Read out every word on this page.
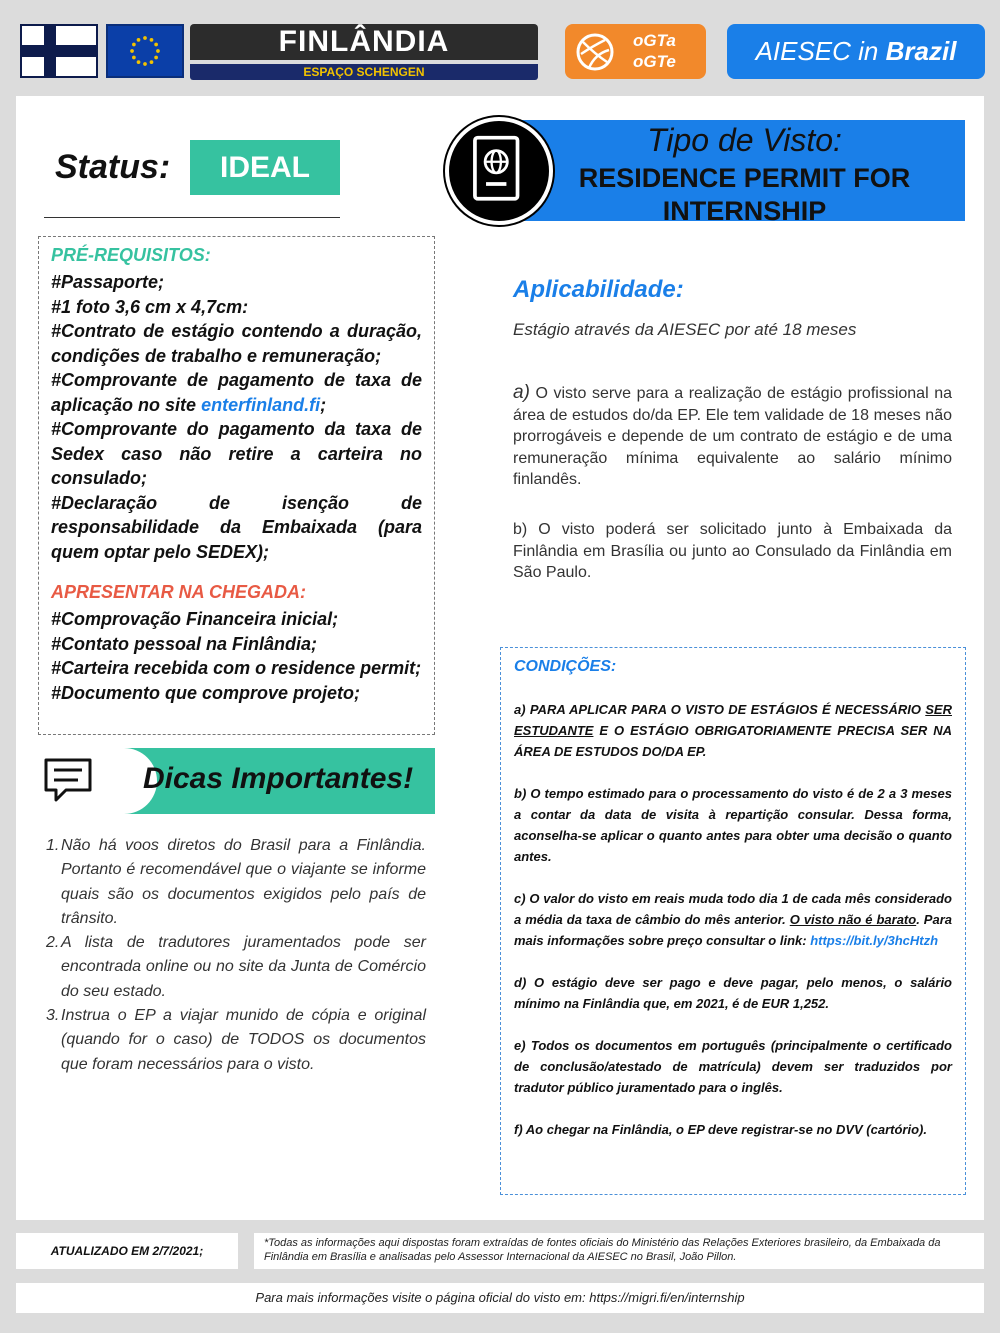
FINLÂNDIA
ESPAÇO SCHENGEN
oGTa
oGTe	AIESEC in Brazil
Status:	IDEAL
Tipo de Visto:
RESIDENCE PERMIT FOR INTERNSHIP
PRÉ-REQUISITOS:
#Passaporte;
#1 foto 3,6 cm x 4,7cm:
#Contrato de estágio contendo a duração, condições de trabalho e remuneração;
#Comprovante de pagamento de taxa de aplicação no site enterfinland.fi;
#Comprovante do pagamento da taxa de Sedex caso não retire a carteira no consulado;
#Declaração de isenção de responsabilidade da Embaixada (para quem optar pelo SEDEX);
APRESENTAR NA CHEGADA:
#Comprovação Financeira inicial;
#Contato pessoal na Finlândia;
#Carteira recebida com o residence permit;
#Documento que comprove projeto;
Dicas Importantes!
1. Não há voos diretos do Brasil para a Finlândia. Portanto é recomendável que o viajante se informe quais são os documentos exigidos pelo país de trânsito.
2. A lista de tradutores juramentados pode ser encontrada online ou no site da Junta de Comércio do seu estado.
3. Instrua o EP a viajar munido de cópia e original (quando for o caso) de TODOS os documentos que foram necessários para o visto.
Aplicabilidade:
Estágio através da AIESEC por até 18 meses
a) O visto serve para a realização de estágio profissional na área de estudos do/da EP. Ele tem validade de 18 meses não prorrogáveis e depende de um contrato de estágio e de uma remuneração mínima equivalente ao salário mínimo finlandês.
b) O visto poderá ser solicitado junto à Embaixada da Finlândia em Brasília ou junto ao Consulado da Finlândia em São Paulo.
CONDIÇÕES:

a) PARA APLICAR PARA O VISTO DE ESTÁGIOS É NECESSÁRIO SER ESTUDANTE E O ESTÁGIO OBRIGATORIAMENTE PRECISA SER NA ÁREA DE ESTUDOS DO/DA EP.

b) O tempo estimado para o processamento do visto é de 2 a 3 meses a contar da data de visita à repartição consular. Dessa forma, aconselha-se aplicar o quanto antes para obter uma decisão o quanto antes.

c) O valor do visto em reais muda todo dia 1 de cada mês considerado a média da taxa de câmbio do mês anterior. O visto não é barato. Para mais informações sobre preço consultar o link: https://bit.ly/3hcHtzh

d) O estágio deve ser pago e deve pagar, pelo menos, o salário mínimo na Finlândia que, em 2021, é de EUR 1,252.

e) Todos os documentos em português (principalmente o certificado de conclusão/atestado de matrícula) devem ser traduzidos por tradutor público juramentado para o inglês.

f) Ao chegar na Finlândia, o EP deve registrar-se no DVV (cartório).

ATUALIZADO EM 2/7/2021;
*Todas as informações aqui dispostas foram extraídas de fontes oficiais do Ministério das Relações Exteriores brasileiro, da Embaixada da Finlândia em Brasília e analisadas pelo Assessor Internacional da AIESEC no Brasil, João Pillon.
Para mais informações visite o página oficial do visto em: https://migri.fi/en/internship
